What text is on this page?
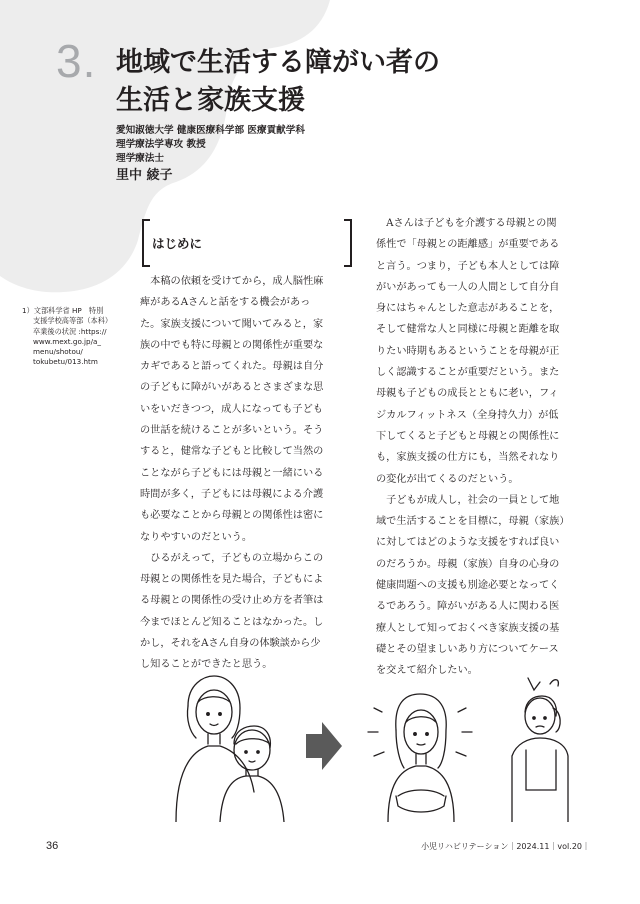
3. 地域で生活する障がい者の
生活と家族支援
愛知淑徳大学 健康医療科学部 医療貢献学科
理学療法学専攻 教授
理学療法士
里中 綾子
はじめに
1）文部科学省 HP　特別
支援学校高等部（本科）
卒業後の状況 :https://
www.mext.go.jp/a_
menu/shotou/
tokubetu/013.htm

　本稿の依頼を受けてから，成人脳性麻

痺があるAさんと話をする機会があっ

た。家族支援について聞いてみると，家

族の中でも特に母親との関係性が重要な

カギであると語ってくれた。母親は自分

の子どもに障がいがあるとさまざまな思

いをいだきつつ，成人になっても子ども

の世話を続けることが多いという。そう

すると，健常な子どもと比較して当然の

ことながら子どもには母親と一緒にいる

時間が多く，子どもには母親による介護

も必要なことから母親との関係性は密に

なりやすいのだという。

　ひるがえって，子どもの立場からこの

母親との関係性を見た場合，子どもによ

る母親との関係性の受け止め方を者筆は

今までほとんど知ることはなかった。し

かし，それをAさん自身の体験談から少

し知ることができたと思う。

　Aさんは子どもを介護する母親との関

係性で「母親との距離感」が重要である

と言う。つまり，子ども本人としては障

がいがあっても一人の人間として自分自

身にはちゃんとした意志があることを，

そして健常な人と同様に母親と距離を取

りたい時期もあるということを母親が正

しく認識することが重要だという。また

母親も子どもの成長とともに老い，フィ

ジカルフィットネス（全身持久力）が低

下してくると子どもと母親との関係性に

も，家族支援の仕方にも，当然それなり

の変化が出てくるのだという。

　子どもが成人し，社会の一員として地

域で生活することを目標に，母親（家族）

に対してはどのような支援をすれば良い

のだろうか。母親（家族）自身の心身の

健康問題への支援も別途必要となってく

るであろう。障がいがある人に関わる医

療人として知っておくべき家族支援の基

礎とその望ましいあり方についてケース

を交えて紹介したい。

36	小児リハビリテーション｜2024.11｜vol.20｜
